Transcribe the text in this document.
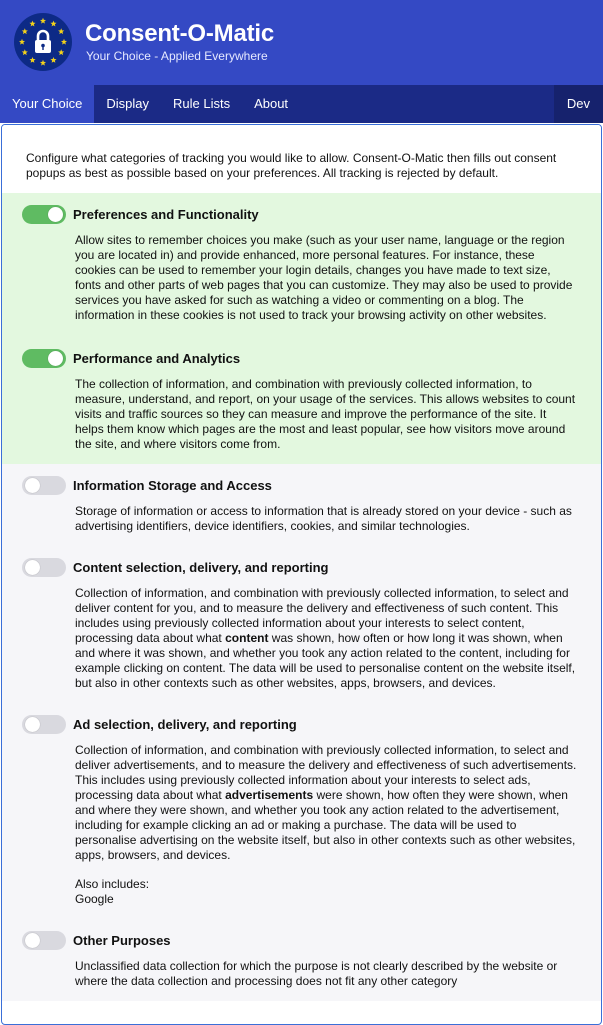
Consent-O-Matic
Your Choice - Applied Everywhere
Your Choice	Display	Rule Lists	About	Dev
Configure what categories of tracking you would like to allow. Consent-O-Matic then fills out consent popups as best as possible based on your preferences. All tracking is rejected by default.
Preferences and Functionality
Allow sites to remember choices you make (such as your user name, language or the region you are located in) and provide enhanced, more personal features. For instance, these cookies can be used to remember your login details, changes you have made to text size, fonts and other parts of web pages that you can customize. They may also be used to provide services you have asked for such as watching a video or commenting on a blog. The information in these cookies is not used to track your browsing activity on other websites.
Performance and Analytics
The collection of information, and combination with previously collected information, to measure, understand, and report, on your usage of the services. This allows websites to count visits and traffic sources so they can measure and improve the performance of the site. It helps them know which pages are the most and least popular, see how visitors move around the site, and where visitors come from.
Information Storage and Access
Storage of information or access to information that is already stored on your device - such as advertising identifiers, device identifiers, cookies, and similar technologies.
Content selection, delivery, and reporting
Collection of information, and combination with previously collected information, to select and deliver content for you, and to measure the delivery and effectiveness of such content. This includes using previously collected information about your interests to select content, processing data about what content was shown, how often or how long it was shown, when and where it was shown, and whether you took any action related to the content, including for example clicking on content. The data will be used to personalise content on the website itself, but also in other contexts such as other websites, apps, browsers, and devices.
Ad selection, delivery, and reporting
Collection of information, and combination with previously collected information, to select and deliver advertisements, and to measure the delivery and effectiveness of such advertisements. This includes using previously collected information about your interests to select ads, processing data about what advertisements were shown, how often they were shown, when and where they were shown, and whether you took any action related to the advertisement, including for example clicking an ad or making a purchase. The data will be used to personalise advertising on the website itself, but also in other contexts such as other websites, apps, browsers, and devices.
Also includes:
Google
Other Purposes
Unclassified data collection for which the purpose is not clearly described by the website or where the data collection and processing does not fit any other category
